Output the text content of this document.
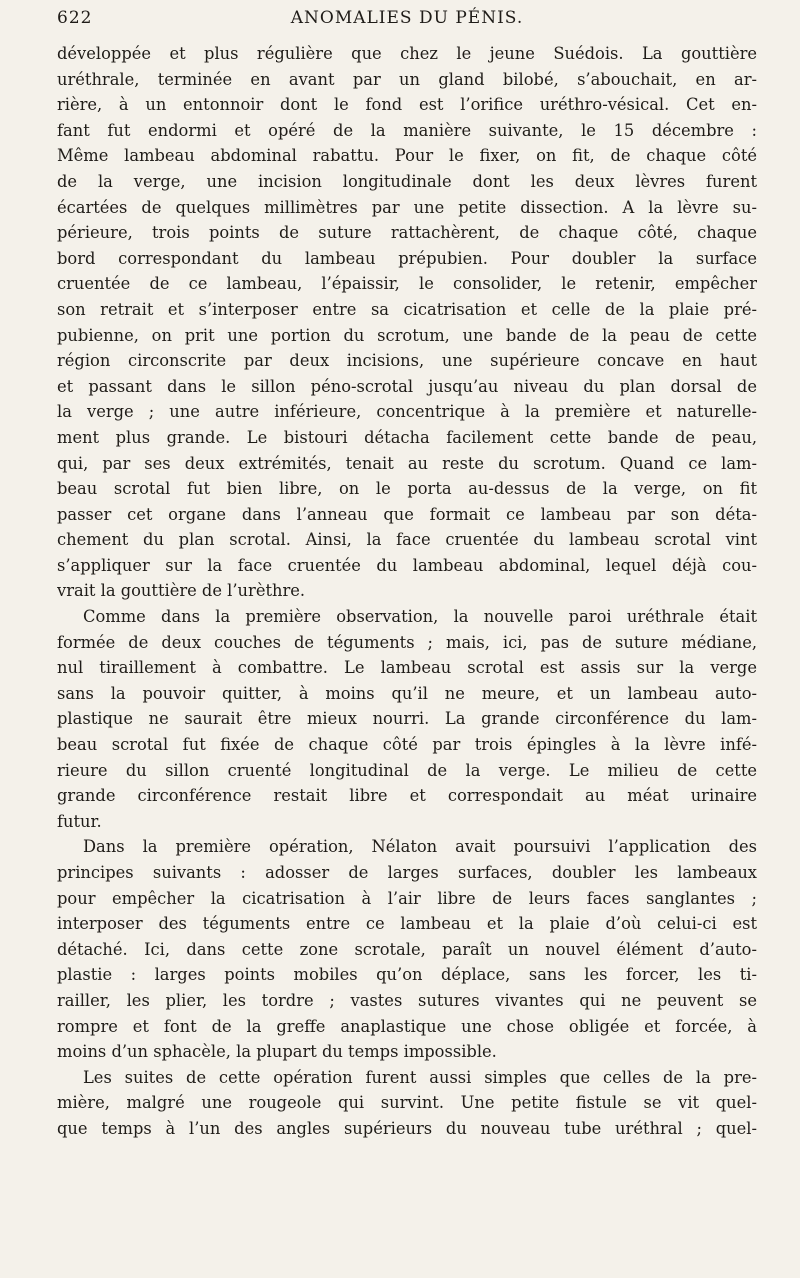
622	ANOMALIES DU PÉNIS.
développée et plus régulière que chez le jeune Suédois. La gouttière
uréthrale, terminée en avant par un gland bilobé, s’abouchait, en ar-
rière, à un entonnoir dont le fond est l’orifice uréthro-vésical. Cet en-
fant fut endormi et opéré de la manière suivante, le 15 décembre :
Même lambeau abdominal rabattu. Pour le fixer, on fit, de chaque côté
de la verge, une incision longitudinale dont les deux lèvres furent
écartées de quelques millimètres par une petite dissection. A la lèvre su-
périeure, trois points de suture rattachèrent, de chaque côté, chaque
bord correspondant du lambeau prépubien. Pour doubler la surface
cruentée de ce lambeau, l’épaissir, le consolider, le retenir, empêcher
son retrait et s’interposer entre sa cicatrisation et celle de la plaie pré-
pubienne, on prit une portion du scrotum, une bande de la peau de cette
région circonscrite par deux incisions, une supérieure concave en haut
et passant dans le sillon péno-scrotal jusqu’au niveau du plan dorsal de
la verge ; une autre inférieure, concentrique à la première et naturelle-
ment plus grande. Le bistouri détacha facilement cette bande de peau,
qui, par ses deux extrémités, tenait au reste du scrotum. Quand ce lam-
beau scrotal fut bien libre, on le porta au-dessus de la verge, on fit
passer cet organe dans l’anneau que formait ce lambeau par son déta-
chement du plan scrotal. Ainsi, la face cruentée du lambeau scrotal vint
s’appliquer sur la face cruentée du lambeau abdominal, lequel déjà cou-
vrait la gouttière de l’urèthre.
Comme dans la première observation, la nouvelle paroi uréthrale était
formée de deux couches de téguments ; mais, ici, pas de suture médiane,
nul tiraillement à combattre. Le lambeau scrotal est assis sur la verge
sans la pouvoir quitter, à moins qu’il ne meure, et un lambeau auto-
plastique ne saurait être mieux nourri. La grande circonférence du lam-
beau scrotal fut fixée de chaque côté par trois épingles à la lèvre infé-
rieure du sillon cruenté longitudinal de la verge. Le milieu de cette
grande circonférence restait libre et correspondait au méat urinaire
futur.
Dans la première opération, Nélaton avait poursuivi l’application des
principes suivants : adosser de larges surfaces, doubler les lambeaux
pour empêcher la cicatrisation à l’air libre de leurs faces sanglantes ;
interposer des téguments entre ce lambeau et la plaie d’où celui-ci est
détaché. Ici, dans cette zone scrotale, paraît un nouvel élément d’auto-
plastie : larges points mobiles qu’on déplace, sans les forcer, les ti-
railler, les plier, les tordre ; vastes sutures vivantes qui ne peuvent se
rompre et font de la greffe anaplastique une chose obligée et forcée, à
moins d’un sphacèle, la plupart du temps impossible.
Les suites de cette opération furent aussi simples que celles de la pre-
mière, malgré une rougeole qui survint. Une petite fistule se vit quel-
que temps à l’un des angles supérieurs du nouveau tube uréthral ; quel-
